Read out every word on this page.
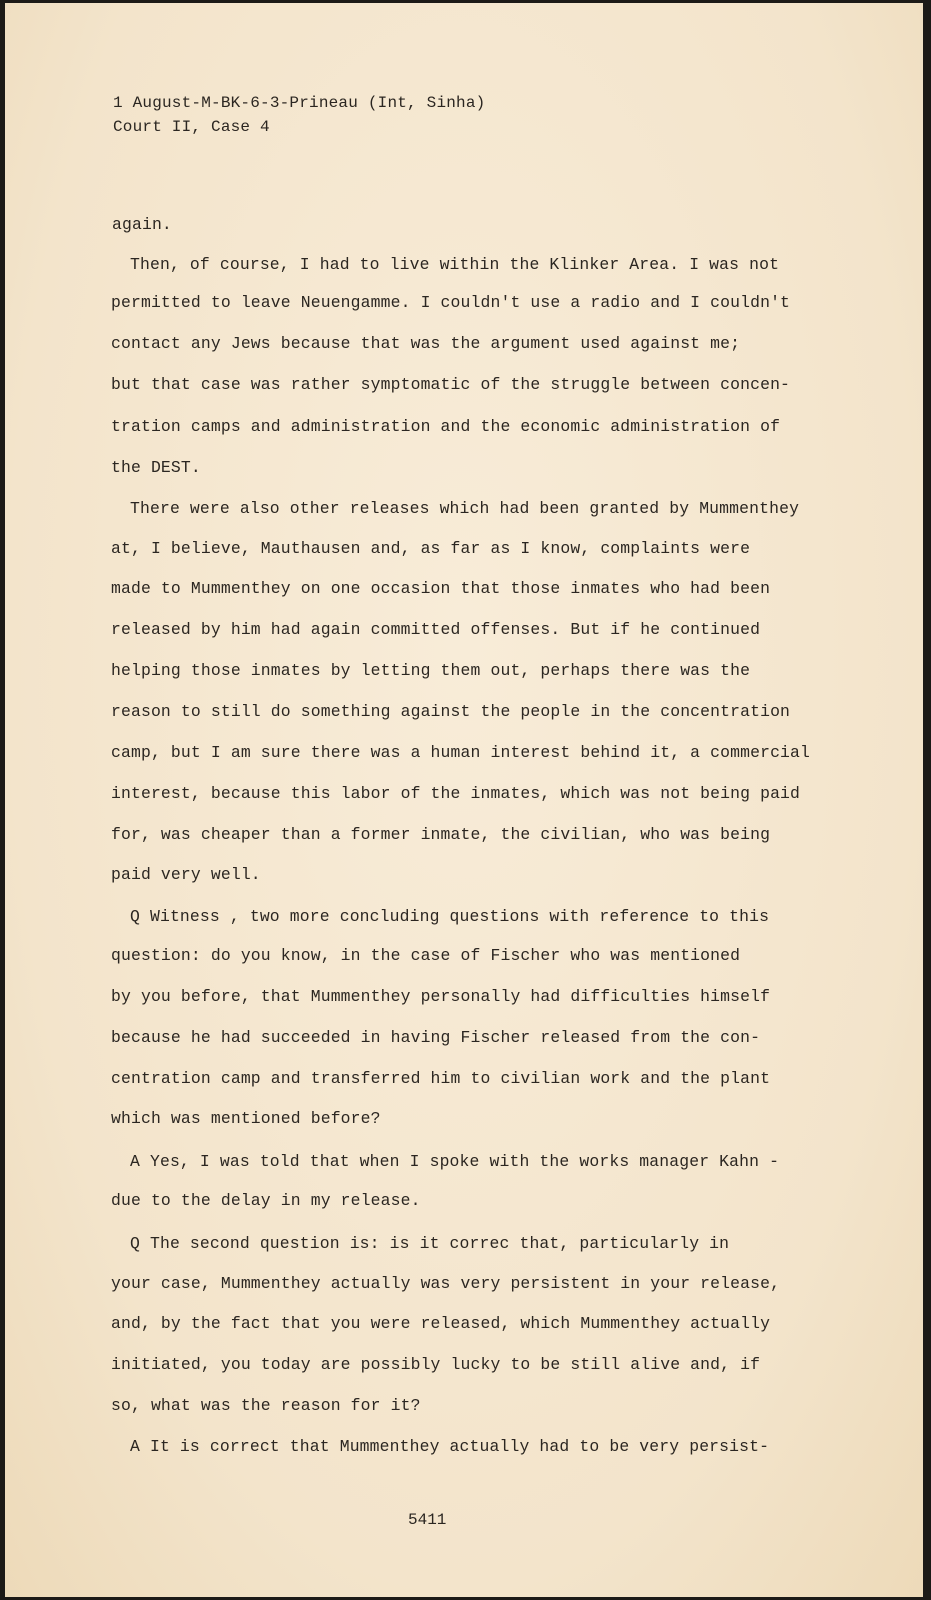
1 August-M-BK-6-3-Prineau (Int, Sinha)
Court II, Case 4
again.
Then, of course, I had to live within the Klinker Area. I was not
permitted to leave Neuengamme. I couldn't use a radio and I couldn't
contact any Jews because that was the argument used against me;
but that case was rather symptomatic of the struggle between concen-
tration camps and administration and the economic administration of
the DEST.
There were also other releases which had been granted by Mummenthey
at, I believe, Mauthausen and, as far as I know, complaints were
made to Mummenthey on one occasion that those inmates who had been
released by him had again committed offenses. But if he continued
helping those inmates by letting them out, perhaps there was the
reason to still do something against the people in the concentration
camp, but I am sure there was a human interest behind it, a commercial
interest, because this labor of the inmates, which was not being paid
for, was cheaper than a former inmate, the civilian, who was being
paid very well.
Q Witness , two more concluding questions with reference to this
question: do you know, in the case of Fischer who was mentioned
by you before, that Mummenthey personally had difficulties himself
because he had succeeded in having Fischer released from the con-
centration camp and transferred him to civilian work and the plant
which was mentioned before?
A Yes, I was told that when I spoke with the works manager Kahn -
due to the delay in my release.
Q The second question is: is it correc that, particularly in
your case, Mummenthey actually was very persistent in your release,
and, by the fact that you were released, which Mummenthey actually
initiated, you today are possibly lucky to be still alive and, if
so, what was the reason for it?
A It is correct that Mummenthey actually had to be very persist-
5411
